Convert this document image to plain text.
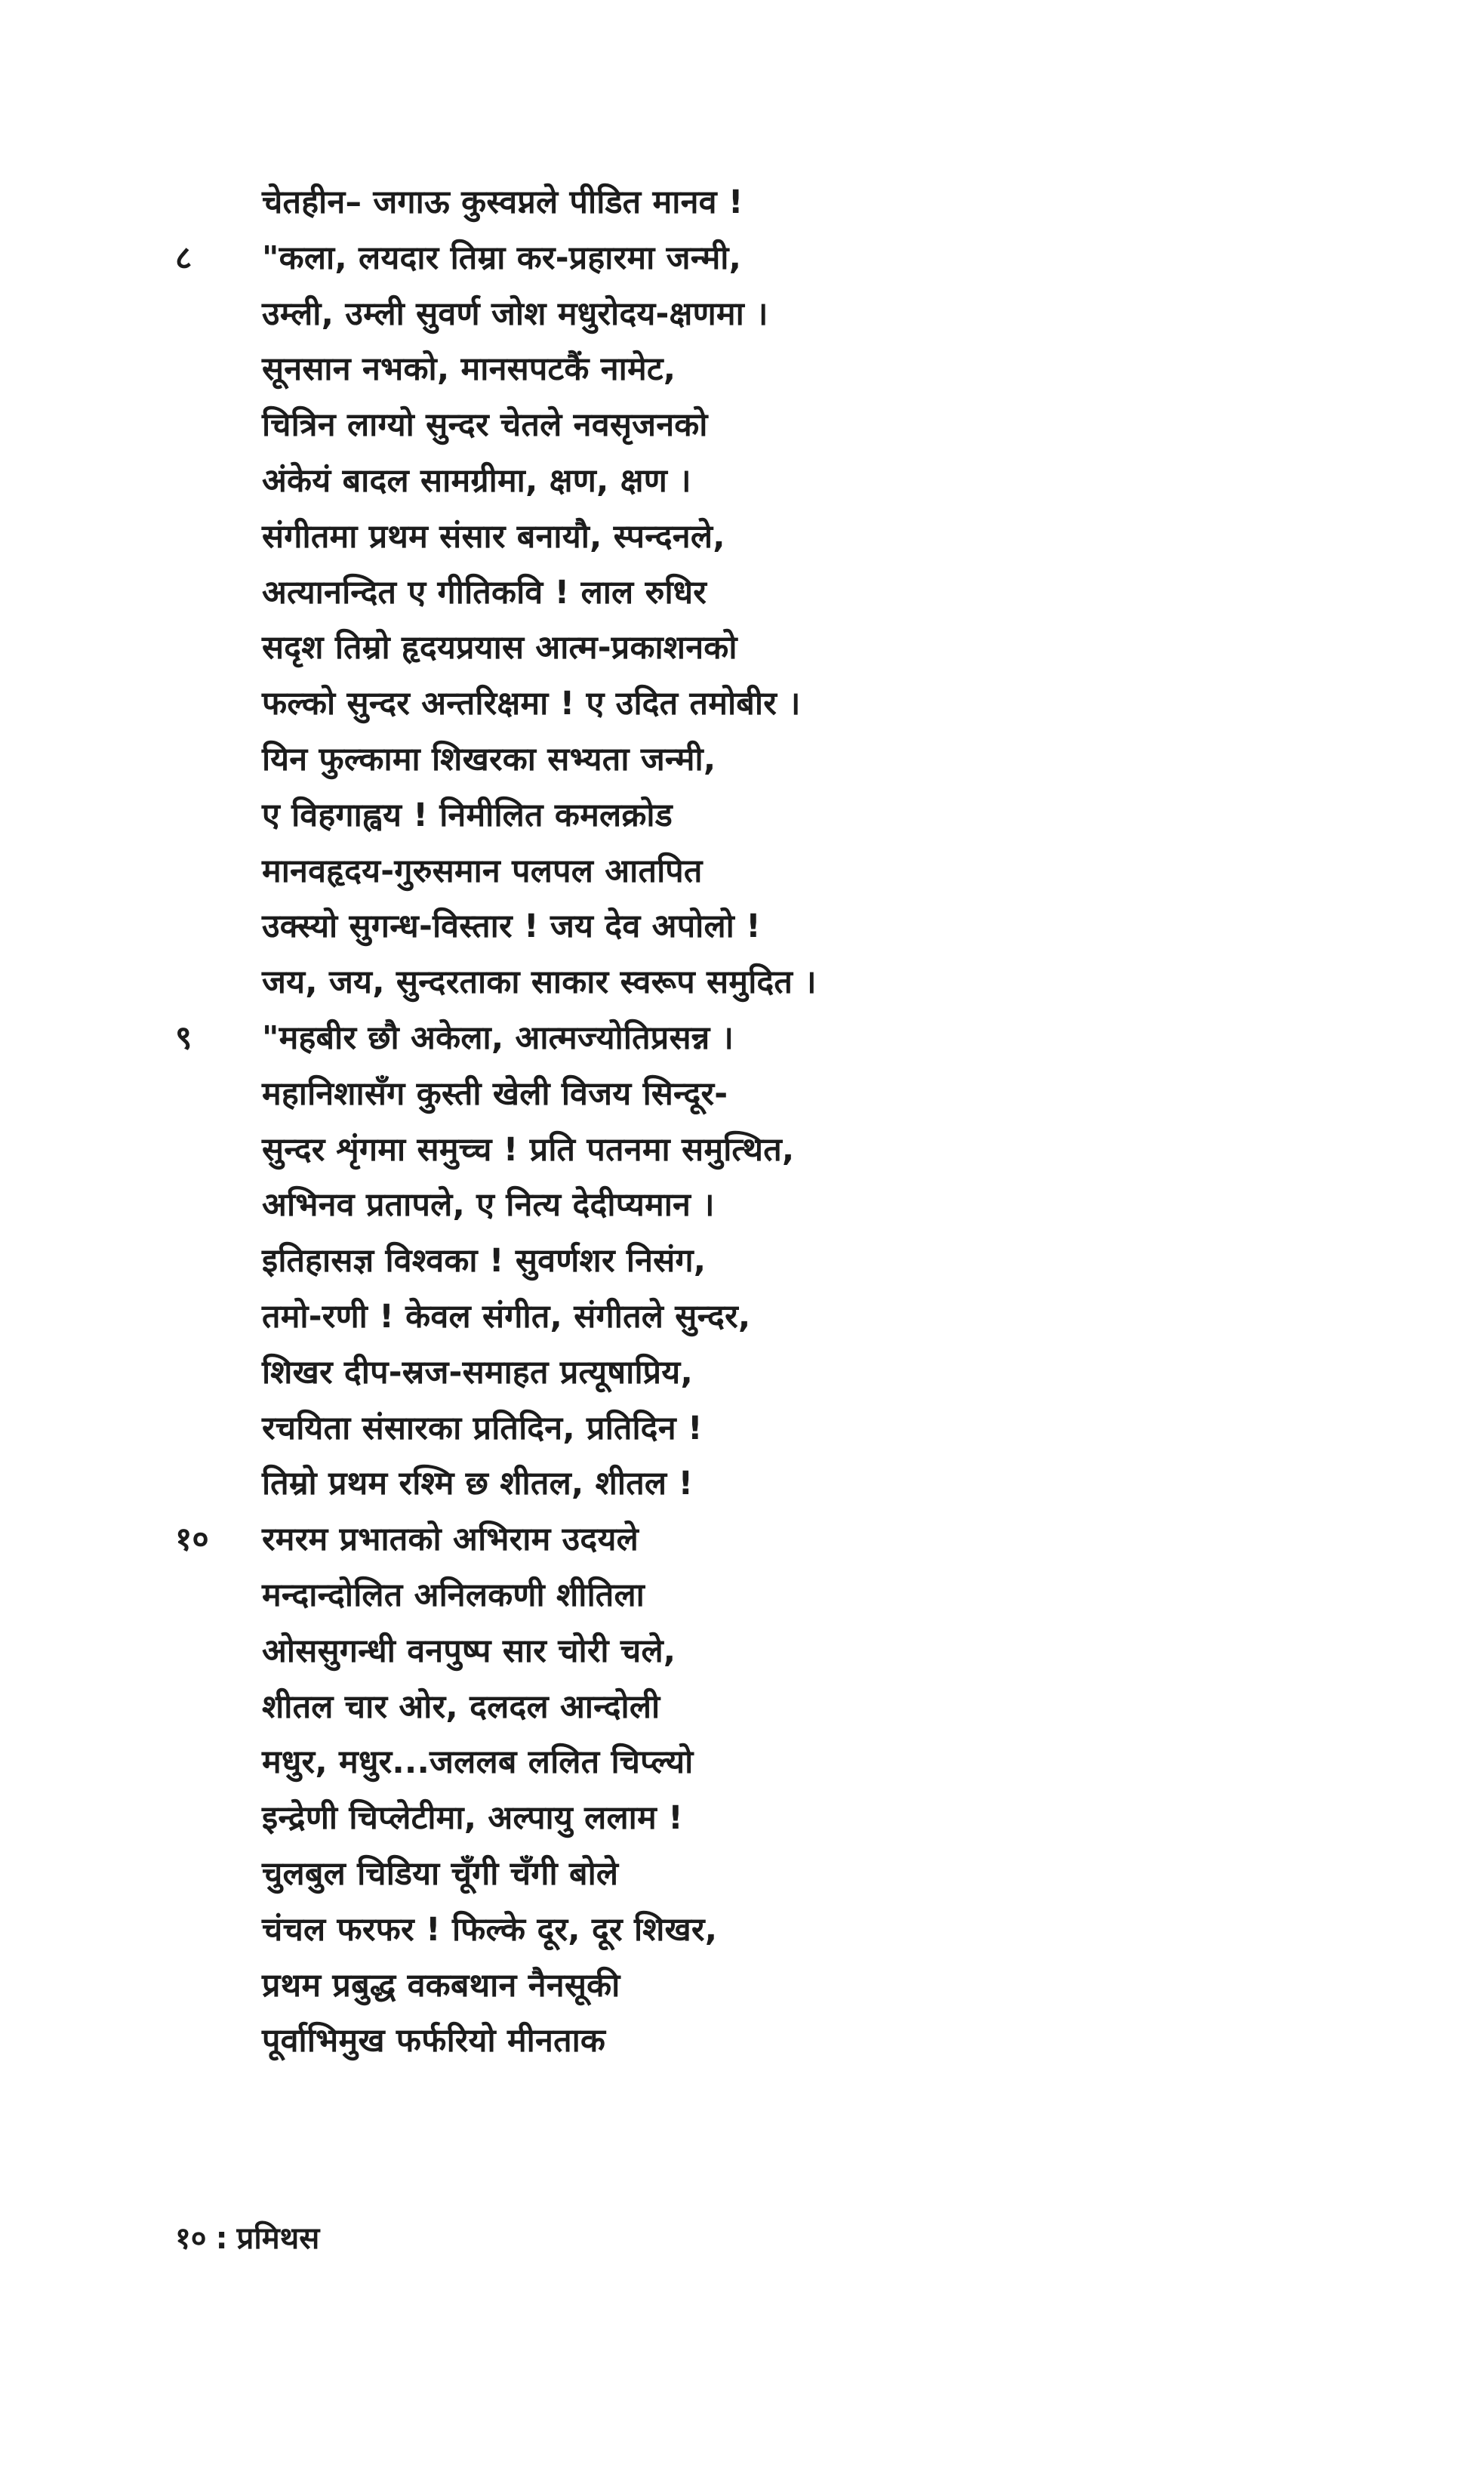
चेतहीन– जगाऊ कुस्वप्नले पीडित मानव !
८ "कला, लयदार तिम्रा कर-प्रहारमा जन्मी,
उम्ली, उम्ली सुवर्ण जोश मधुरोदय-क्षणमा ।
सूनसान नभको, मानसपटकैं नामेट,
चित्रिन लाग्यो सुन्दर चेतले नवसृजनको
अंकेयं बादल सामग्रीमा, क्षण, क्षण ।
संगीतमा प्रथम संसार बनायौ, स्पन्दनले,
अत्यानन्दित ए गीतिकवि ! लाल रुधिर
सदृश तिम्रो हृदयप्रयास आत्म-प्रकाशनको
फल्को सुन्दर अन्तरिक्षमा ! ए उदित तमोबीर ।
यिन फुल्कामा शिखरका सभ्यता जन्मी,
ए विहगाह्वय ! निमीलित कमलक्रोड
मानवहृदय-गुरुसमान पलपल आतपित
उक्स्यो सुगन्ध-विस्तार ! जय देव अपोलो !
जय, जय, सुन्दरताका साकार स्वरूप समुदित ।
९ "महबीर छौ अकेला, आत्मज्योतिप्रसन्न ।
महानिशासँग कुस्ती खेली विजय सिन्दूर-
सुन्दर शृंगमा समुच्च ! प्रति पतनमा समुत्थित,
अभिनव प्रतापले, ए नित्य देदीप्यमान ।
इतिहासज्ञ विश्वका ! सुवर्णशर निसंग,
तमो-रणी ! केवल संगीत, संगीतले सुन्दर,
शिखर दीप-स्रज-समाहत प्रत्यूषाप्रिय,
रचयिता संसारका प्रतिदिन, प्रतिदिन !
तिम्रो प्रथम रश्मि छ शीतल, शीतल !
१० रमरम प्रभातको अभिराम उदयले
मन्दान्दोलित अनिलकणी शीतिला
ओससुगन्धी वनपुष्प सार चोरी चले,
शीतल चार ओर, दलदल आन्दोली
मधुर, मधुर...जललब ललित चिप्ल्यो
इन्द्रेणी चिप्लेटीमा, अल्पायु ललाम !
चुलबुल चिडिया चूँगी चँगी बोले
चंचल फरफर ! फिल्के दूर, दूर शिखर,
प्रथम प्रबुद्ध वकबथान नैनसूकी
पूर्वाभिमुख फर्फरियो मीनताक
१० : प्रमिथस
